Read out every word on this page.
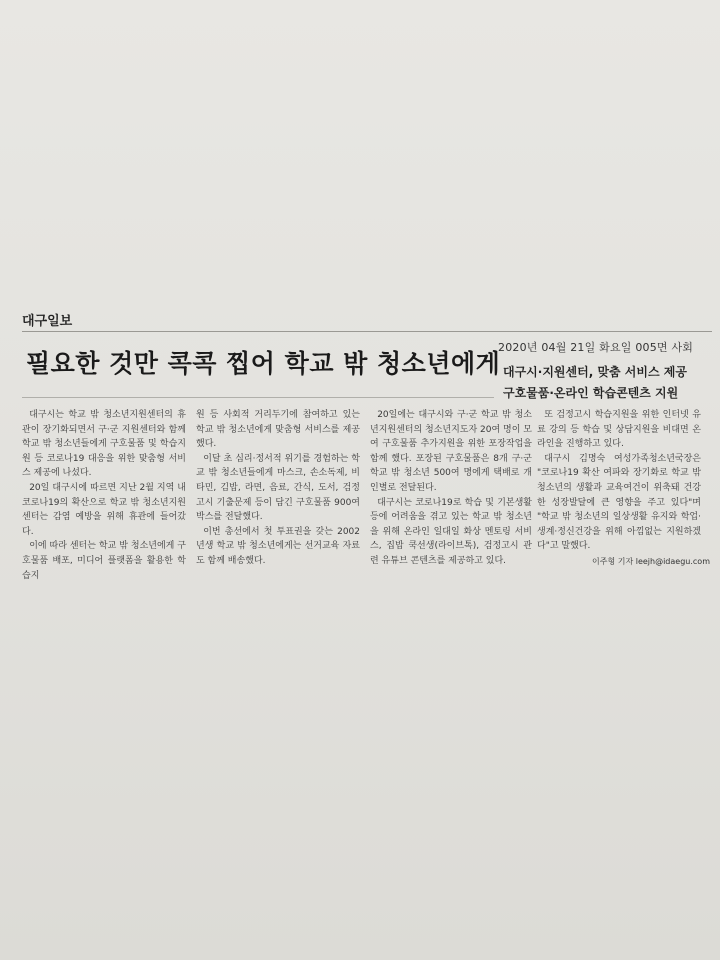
대구일보
2020년 04월 21일 화요일 005면 사회
필요한 것만 콕콕 찝어 학교 밖 청소년에게 대구시·지원센터, 맞춤 서비스 제공
구호물품·온라인 학습콘텐츠 지원

대구시는 학교 밖 청소년지원센터의 휴관이 장기화되면서 구·군 지원센터와 함께 학교 밖 청소년들에게 구호물품 및 학습지원 등 코로나19 대응을 위한 맞춤형 서비스 제공에 나섰다.

20일 대구시에 따르면 지난 2월 지역 내 코로나19의 확산으로 학교 밖 청소년지원센터는 감염 예방을 위해 휴관에 들어갔다.

이에 따라 센터는 학교 밖 청소년에게 구호물품 배포, 미디어 플랫폼을 활용한 학습지

원 등 사회적 거리두기에 참여하고 있는 학교 밖 청소년에게 맞춤형 서비스를 제공했다.

이달 초 심리·정서적 위기를 경험하는 학교 밖 청소년들에게 마스크, 손소독제, 비타민, 김밥, 라면, 음료, 간식, 도서, 검정고시 기출문제 등이 담긴 구호물품 900여 박스를 전달했다.

이번 총선에서 첫 투표권을 갖는 2002년생 학교 밖 청소년에게는 선거교육 자료도 함께 배송했다.

20일에는 대구시와 구·군 학교 밖 청소년지원센터의 청소년지도자 20여 명이 모여 구호물품 추가지원을 위한 포장작업을 함께 했다. 포장된 구호물품은 8개 구·군 학교 밖 청소년 500여 명에게 택배로 개인별로 전달된다.

대구시는 코로나19로 학습 및 기본생활 등에 어려움을 겪고 있는 학교 밖 청소년을 위해 온라인 일대일 화상 멘토링 서비스, 집밥 쿡선생(라이브톡), 검정고시 관련 유튜브 콘텐츠를 제공하고 있다.

또 검정고시 학습지원을 위한 인터넷 유료 강의 등 학습 및 상담지원을 비대면 온라인을 진행하고 있다.

대구시 김명숙 여성가족청소년국장은 "코로나19 확산 여파와 장기화로 학교 밖 청소년의 생활과 교육여건이 위축돼 건강한 성장발달에 큰 영향을 주고 있다"며 "학교 밖 청소년의 일상생활 유지와 학업·생계·정신건강을 위해 아낌없는 지원하겠다"고 말했다.

이주형 기자 leejh@idaegu.com
